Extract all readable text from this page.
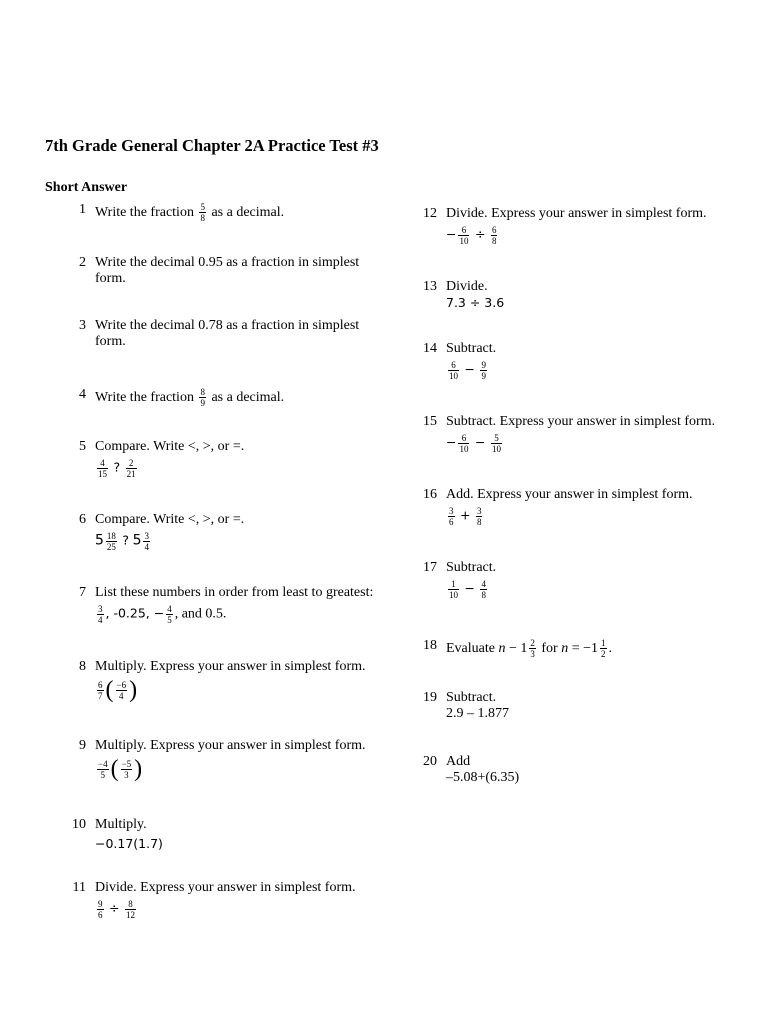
7th Grade General Chapter 2A Practice Test #3
Short Answer
1 Write the fraction $\frac{5}{8}$ as a decimal.
2 Write the decimal 0.95 as a fraction in simplest
form.
3 Write the decimal 0.78 as a fraction in simplest
form.
4 Write the fraction $\frac{8}{9}$ as a decimal.
5 Compare. Write <, >, or =.
$\frac{4}{15}$ ? $\frac{2}{21}$
6 Compare. Write <, >, or =.
$5 \frac{18}{25}$ ? $5 \frac{3}{4}$
7 List these numbers in order from least to greatest:
$\frac{3}{4}$ , -0.25, − $\frac{4}{5}$ , and 0.5.
8 Multiply. Express your answer in simplest form.
$\frac{6}{7}$ ( $\frac{-6}{4}$ )
9 Multiply. Express your answer in simplest form.
$\frac{-4}{5}$ ( $\frac{-5}{3}$ )
10 Multiply.
−0.17(1.7)
11 Divide. Express your answer in simplest form.
$\frac{9}{6} \div \frac{8}{12}$
12 Divide. Express your answer in simplest form.
− $\frac{6}{10} \div \frac{6}{8}$
13 Divide.
7.3 ÷ 3.6
14 Subtract.
$\frac{6}{10} - \frac{9}{9}$
15 Subtract. Express your answer in simplest form.
− $\frac{6}{10} - \frac{5}{10}$
16 Add. Express your answer in simplest form.
$\frac{3}{6} + \frac{3}{8}$
17 Subtract.
$\frac{1}{10} - \frac{4}{8}$
18 Evaluate $n - 1 \frac{2}{3}$ for $n = -1 \frac{1}{2}$ .
19 Subtract.
2.9 – 1.877
20 Add
–5.08+(6.35)
